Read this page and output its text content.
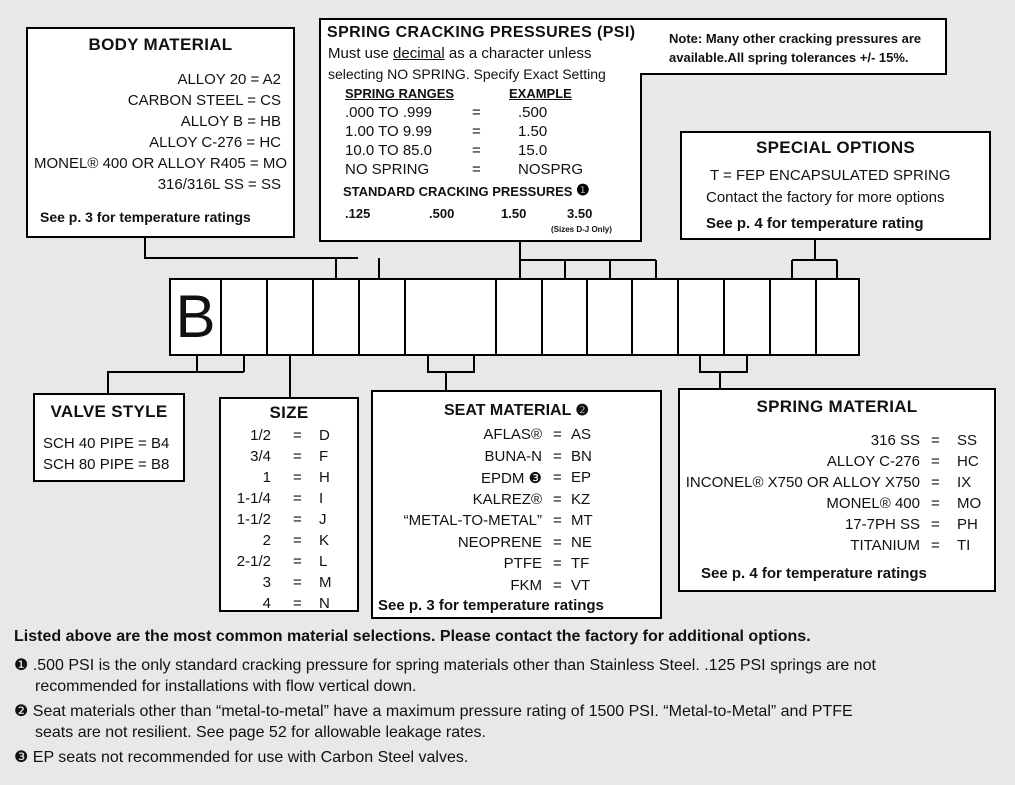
BODY MATERIAL
ALLOY 20 = A2
CARBON STEEL = CS
ALLOY B = HB
ALLOY C-276 = HC
MONEL® 400 OR ALLOY R405 = MO
316/316L SS = SS
See p. 3 for temperature ratings
SPRING CRACKING PRESSURES (PSI)	Note: Many other cracking pressures are
available.All spring tolerances +/- 15%.
Must use decimal as a character unless
selecting NO SPRING. Specify Exact Setting
SPRING RANGES	EXAMPLE
.000 TO .999	= .500
1.00 TO 9.99	= 1.50
10.0 TO 85.0	= 15.0
NO SPRING	= NOSPRG
STANDARD CRACKING PRESSURES ❶
.125	.500	1.50	3.50
(Sizes D-J Only)
SPECIAL OPTIONS
T = FEP ENCAPSULATED SPRING
Contact the factory for more options
See p. 4 for temperature rating
B
VALVE STYLE
SCH 40 PIPE = B4
SCH 80 PIPE = B8
SIZE
1/2 = D
3/4 = F
1 = H
1-1/4 = I
1-1/2 = J
2 = K
2-1/2 = L
3 = M
4 = N
SEAT MATERIAL ❷
AFLAS® = AS
BUNA-N = BN
EPDM ❸ = EP
KALREZ® = KZ
“METAL-TO-METAL” = MT
NEOPRENE = NE
PTFE = TF
FKM = VT
See p. 3 for temperature ratings
SPRING MATERIAL
316 SS = SS
ALLOY C-276 = HC
INCONEL® X750 OR ALLOY X750 = IX
MONEL® 400 = MO
17-7PH SS = PH
TITANIUM = TI
See p. 4 for temperature ratings
Listed above are the most common material selections. Please contact the factory for additional options.
❶ .500 PSI is the only standard cracking pressure for spring materials other than Stainless Steel. .125 PSI springs are not
recommended for installations with flow vertical down.
❷ Seat materials other than “metal-to-metal” have a maximum pressure rating of 1500 PSI. “Metal-to-Metal” and PTFE
seats are not resilient. See page 52 for allowable leakage rates.
❸ EP seats not recommended for use with Carbon Steel valves.
